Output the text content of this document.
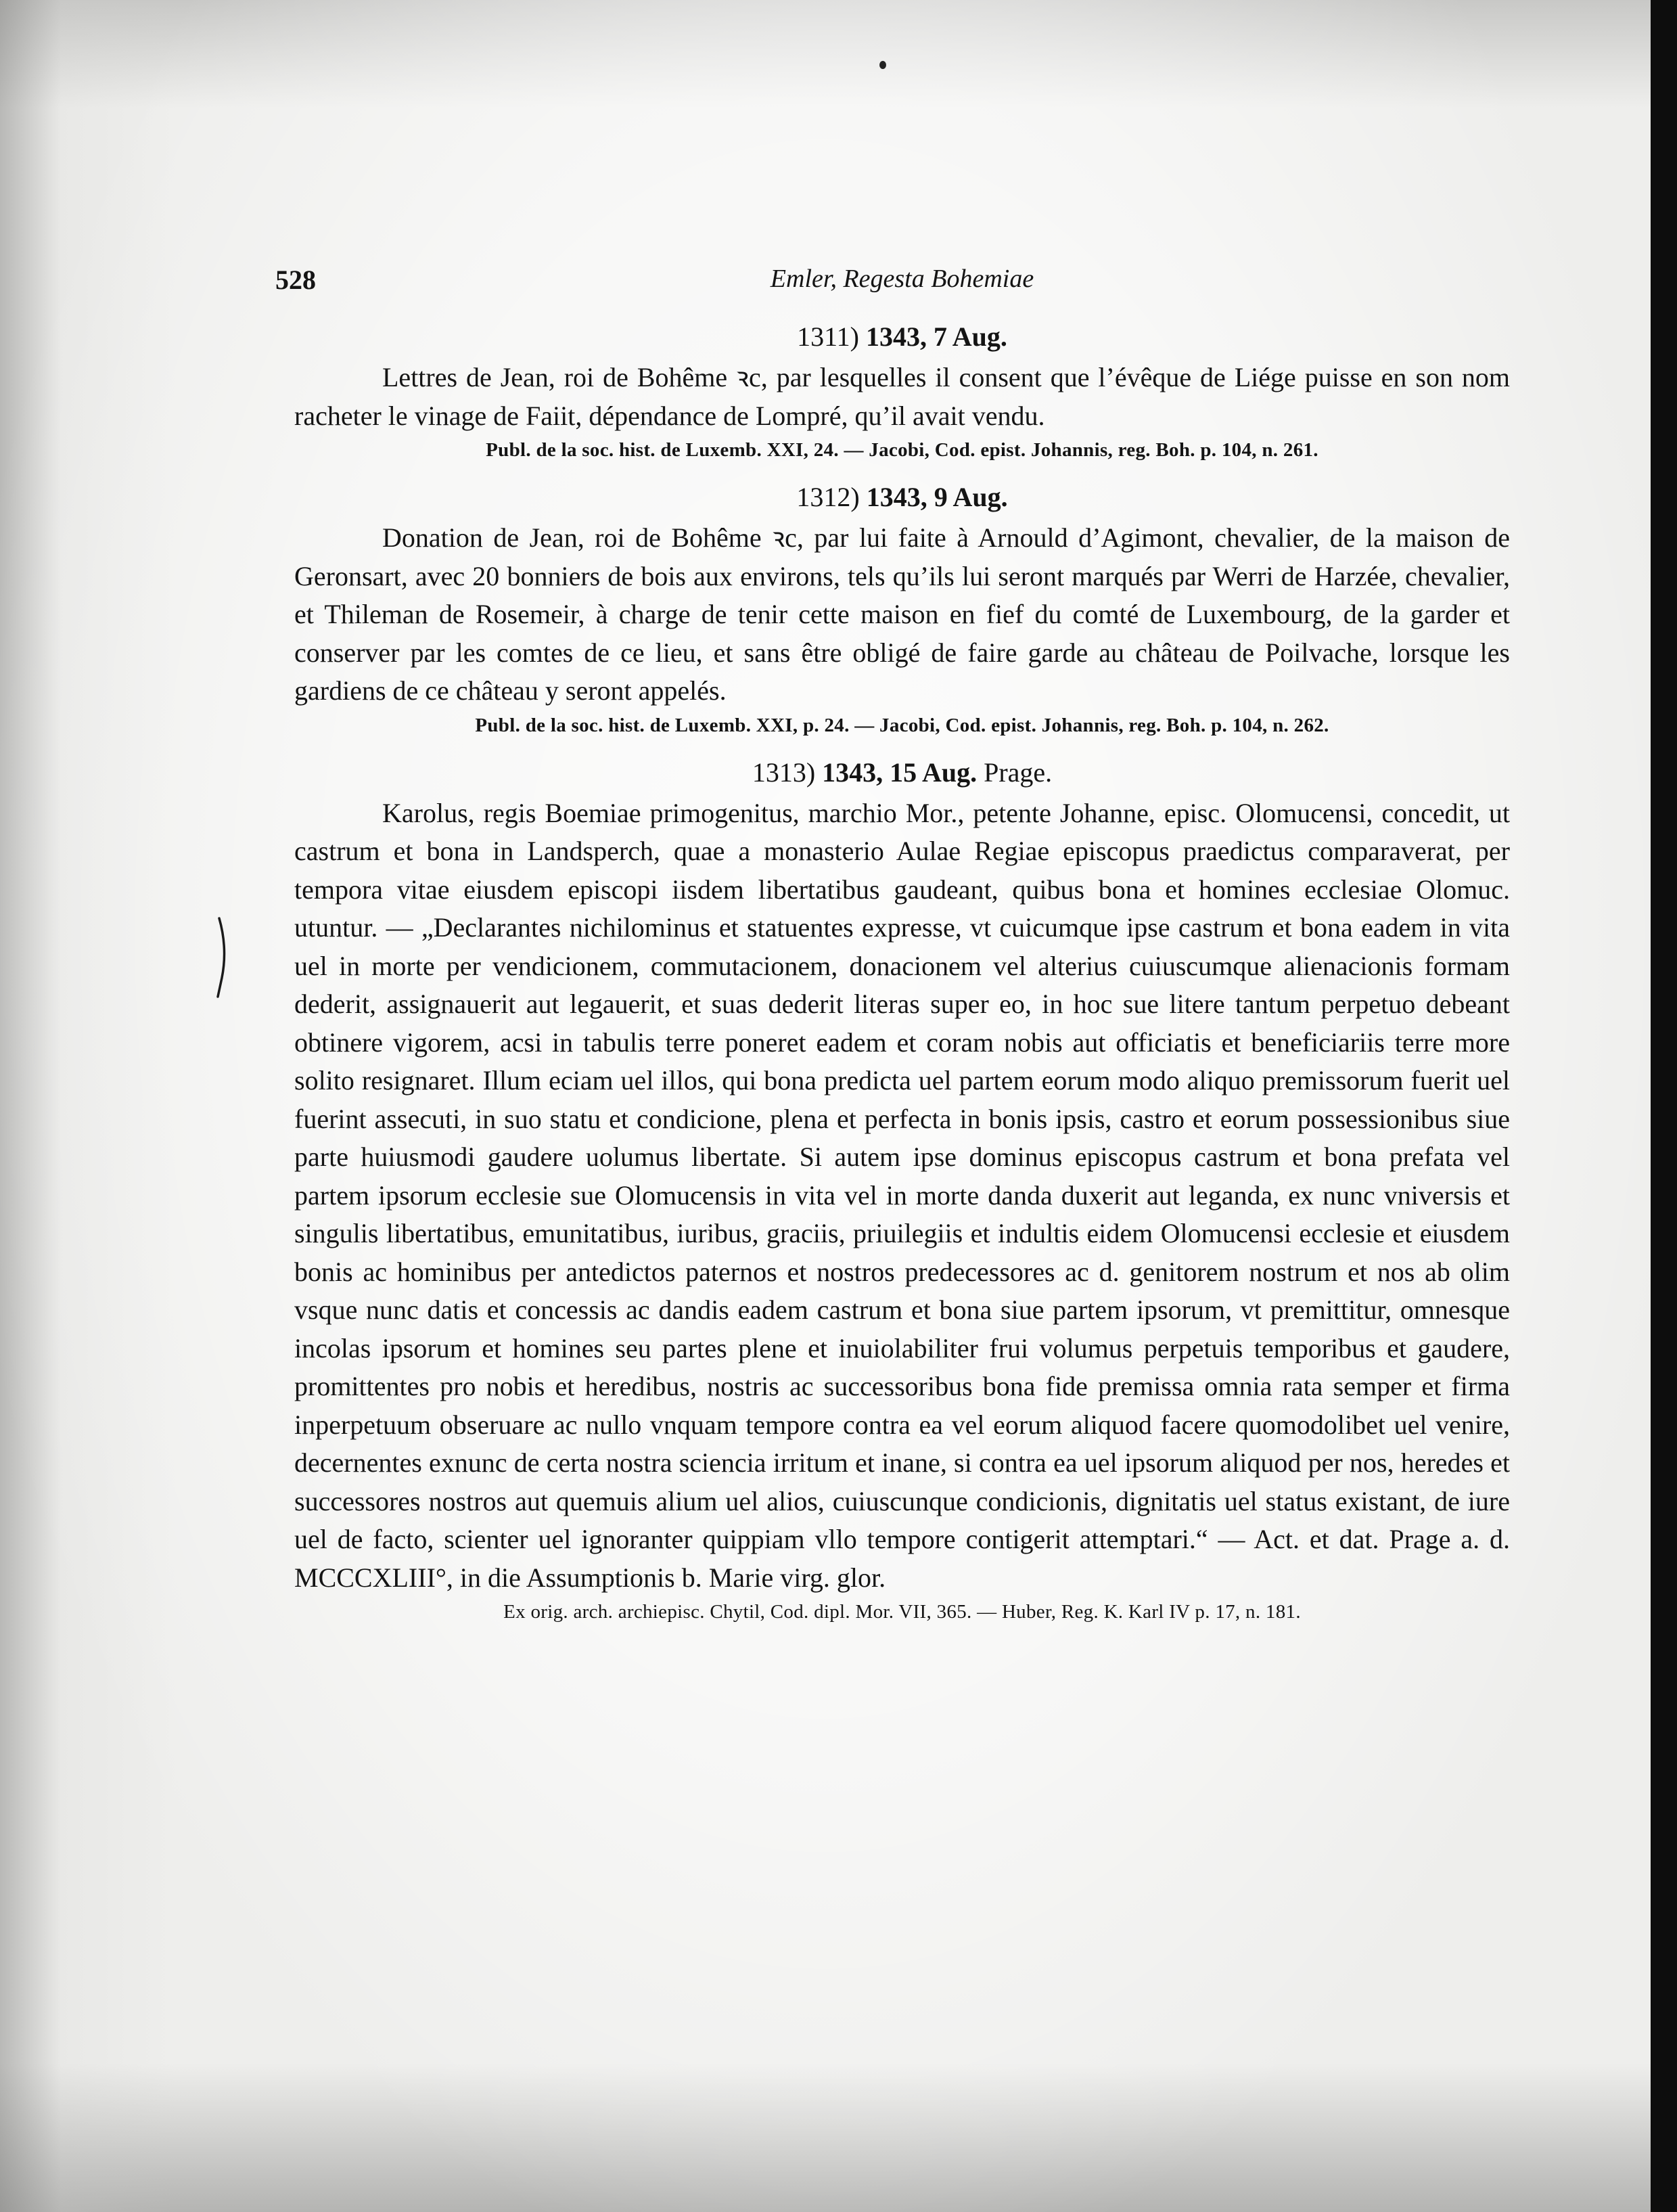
528	Emler, Regesta Bohemiae
1311) 1343, 7 Aug.

Lettres de Jean, roi de Bohême ꝛc, par lesquelles il consent que l’évêque de Liége puisse en son nom racheter le vinage de Faiit, dépendance de Lompré, qu’il avait vendu.

Publ. de la soc. hist. de Luxemb. XXI, 24. — Jacobi, Cod. epist. Johannis, reg. Boh. p. 104, n. 261.
1312) 1343, 9 Aug.

Donation de Jean, roi de Bohême ꝛc, par lui faite à Arnould d’Agimont, chevalier, de la maison de Geronsart, avec 20 bonniers de bois aux environs, tels qu’ils lui seront marqués par Werri de Harzée, chevalier, et Thileman de Rosemeir, à charge de tenir cette maison en fief du comté de Luxembourg, de la garder et conserver par les comtes de ce lieu, et sans être obligé de faire garde au château de Poilvache, lorsque les gardiens de ce château y seront appelés.

Publ. de la soc. hist. de Luxemb. XXI, p. 24. — Jacobi, Cod. epist. Johannis, reg. Boh. p. 104, n. 262.
1313) 1343, 15 Aug. Prage.

Karolus, regis Boemiae primogenitus, marchio Mor., petente Johanne, episc. Olomucensi, concedit, ut castrum et bona in Landsperch, quae a monasterio Aulae Regiae episcopus praedictus comparaverat, per tempora vitae eiusdem episcopi iisdem libertatibus gaudeant, quibus bona et homines ecclesiae Olomuc. utuntur. — „Declarantes nichilominus et statuentes expresse, vt cuicumque ipse castrum et bona eadem in vita uel in morte per vendicionem, commutacionem, donacionem vel alterius cuiuscumque alienacionis formam dederit, assignauerit aut legauerit, et suas dederit literas super eo, in hoc sue litere tantum perpetuo debeant obtinere vigorem, acsi in tabulis terre poneret eadem et coram nobis aut officiatis et beneficiariis terre more solito resignaret. Illum eciam uel illos, qui bona predicta uel partem eorum modo aliquo premissorum fuerit uel fuerint assecuti, in suo statu et condicione, plena et perfecta in bonis ipsis, castro et eorum possessionibus siue parte huiusmodi gaudere uolumus libertate. Si autem ipse dominus episcopus castrum et bona prefata vel partem ipsorum ecclesie sue Olomucensis in vita vel in morte danda duxerit aut leganda, ex nunc vniversis et singulis libertatibus, emunitatibus, iuribus, graciis, priuilegiis et indultis eidem Olomucensi ecclesie et eiusdem bonis ac hominibus per antedictos paternos et nostros predecessores ac d. genitorem nostrum et nos ab olim vsque nunc datis et concessis ac dandis eadem castrum et bona siue partem ipsorum, vt premittitur, omnesque incolas ipsorum et homines seu partes plene et inuiolabiliter frui volumus perpetuis temporibus et gaudere, promittentes pro nobis et heredibus, nostris ac successoribus bona fide premissa omnia rata semper et firma inperpetuum obseruare ac nullo vnquam tempore contra ea vel eorum aliquod facere quomodolibet uel venire, decernentes exnunc de certa nostra sciencia irritum et inane, si contra ea uel ipsorum aliquod per nos, heredes et successores nostros aut quemuis alium uel alios, cuiuscunque condicionis, dignitatis uel status existant, de iure uel de facto, scienter uel ignoranter quippiam vllo tempore contigerit attemptari.“ — Act. et dat. Prage a. d. MCCCXLIII°, in die Assumptionis b. Marie virg. glor.

Ex orig. arch. archiepisc. Chytil, Cod. dipl. Mor. VII, 365. — Huber, Reg. K. Karl IV p. 17, n. 181.
